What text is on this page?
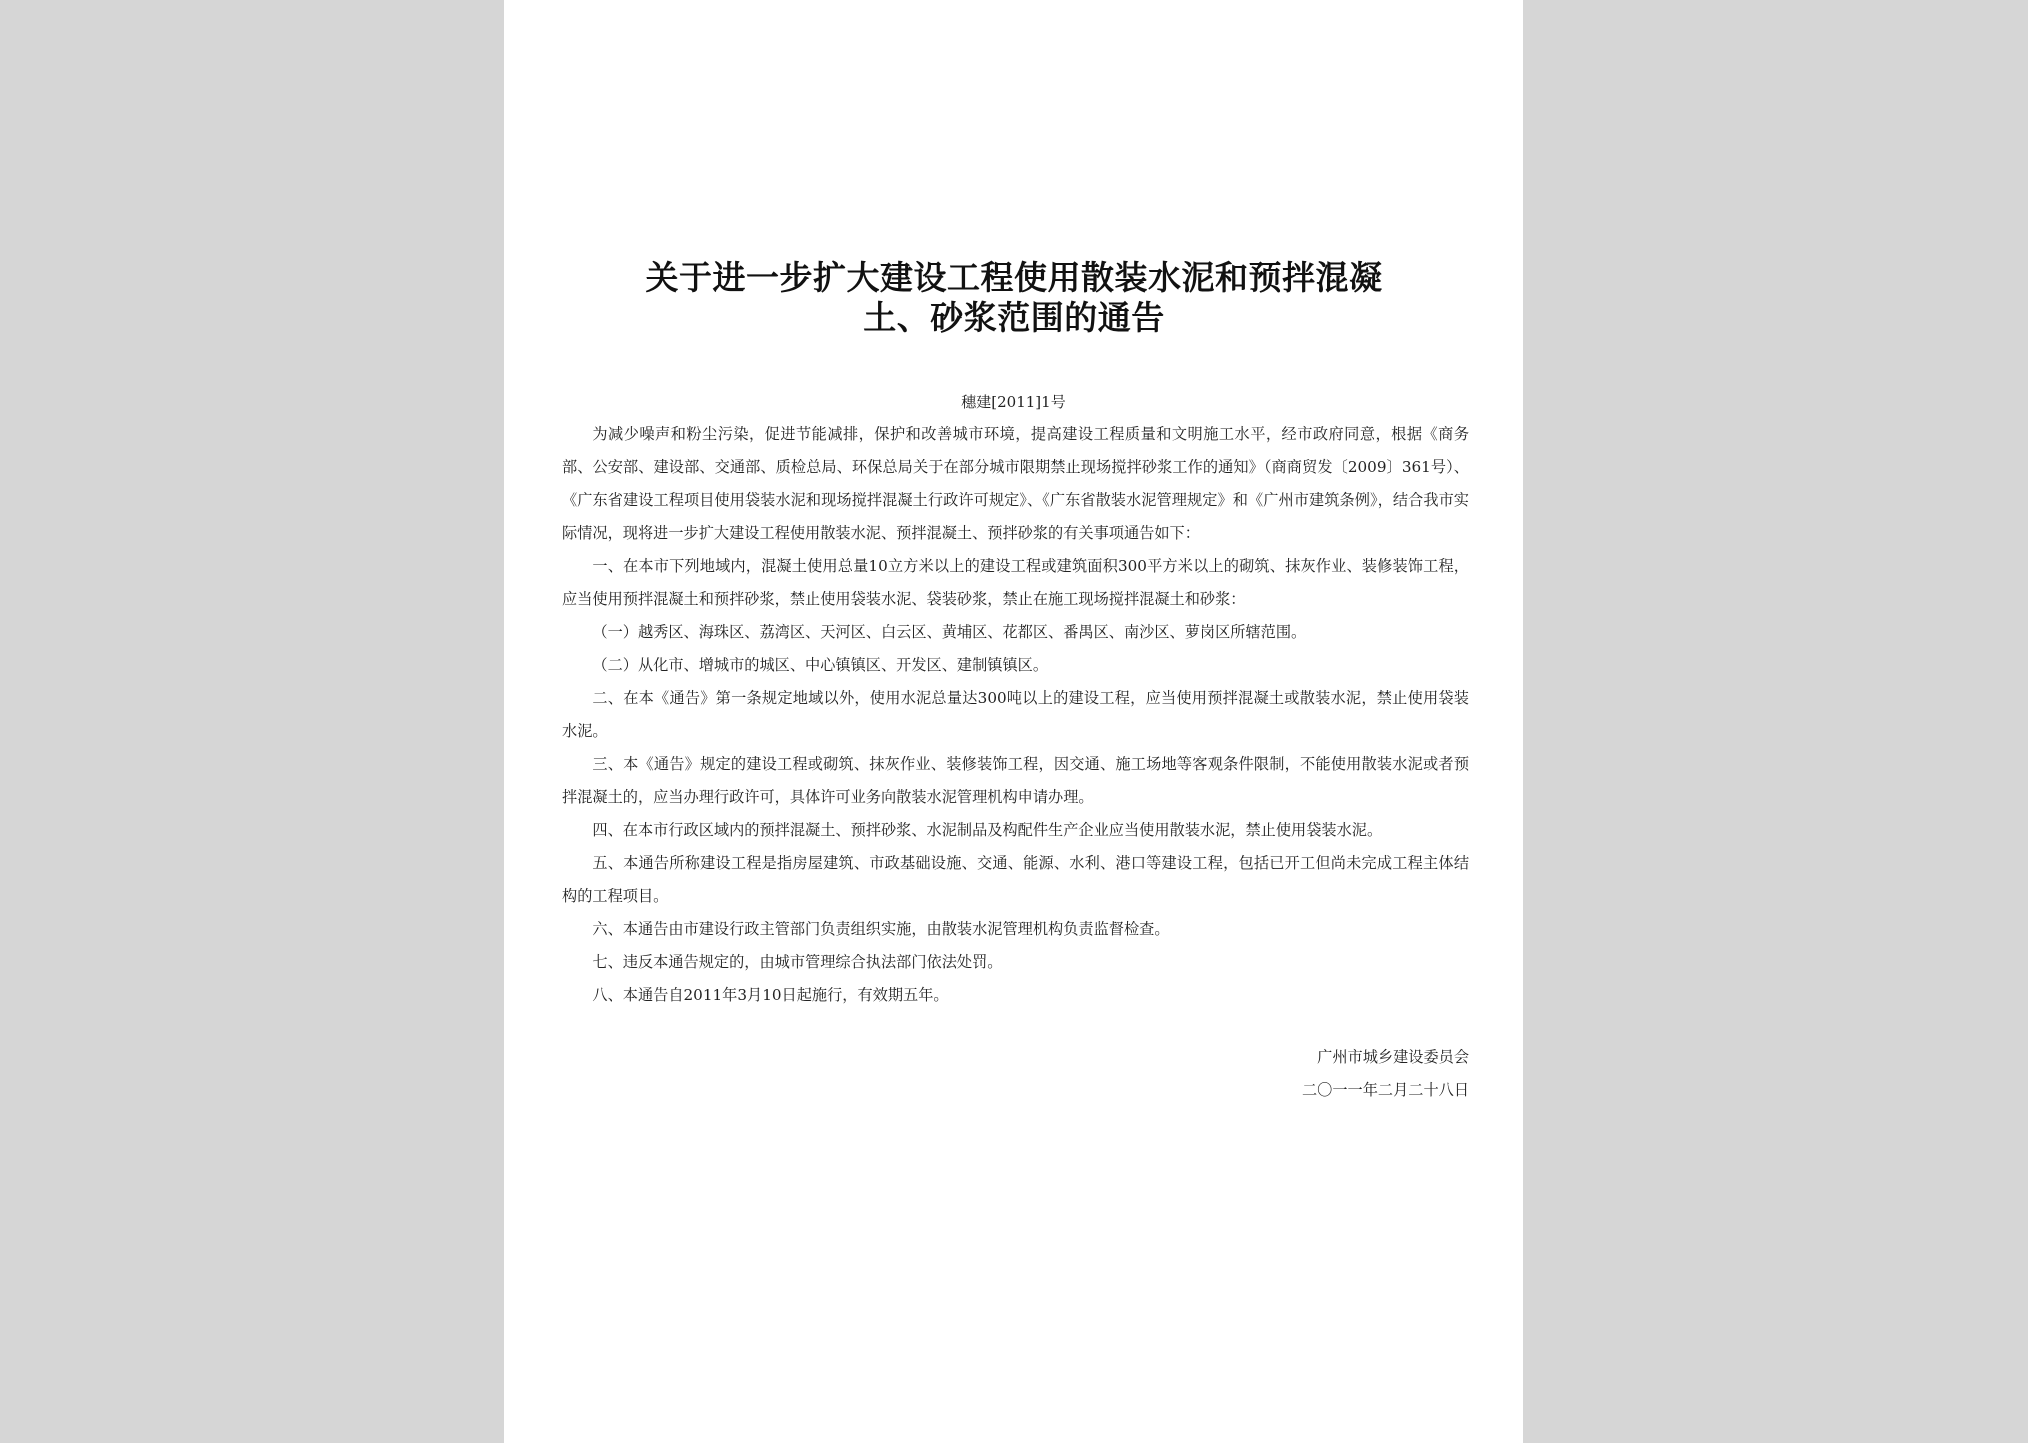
关于进一步扩大建设工程使用散装水泥和预拌混凝
土、砂浆范围的通告
穗建[2011]1号

为减少噪声和粉尘污染，促进节能减排，保护和改善城市环境，提高建设工程质量和文明施工水平，经市政府同意，根据《商务部、公安部、建设部、交通部、质检总局、环保总局关于在部分城市限期禁止现场搅拌砂浆工作的通知》（商商贸发〔2009〕361号）、《广东省建设工程项目使用袋装水泥和现场搅拌混凝土行政许可规定》、《广东省散装水泥管理规定》和《广州市建筑条例》，结合我市实际情况，现将进一步扩大建设工程使用散装水泥、预拌混凝土、预拌砂浆的有关事项通告如下：

一、在本市下列地域内，混凝土使用总量10立方米以上的建设工程或建筑面积300平方米以上的砌筑、抹灰作业、装修装饰工程，应当使用预拌混凝土和预拌砂浆，禁止使用袋装水泥、袋装砂浆，禁止在施工现场搅拌混凝土和砂浆：

（一）越秀区、海珠区、荔湾区、天河区、白云区、黄埔区、花都区、番禺区、南沙区、萝岗区所辖范围。

（二）从化市、增城市的城区、中心镇镇区、开发区、建制镇镇区。

二、在本《通告》第一条规定地域以外，使用水泥总量达300吨以上的建设工程，应当使用预拌混凝土或散装水泥，禁止使用袋装水泥。

三、本《通告》规定的建设工程或砌筑、抹灰作业、装修装饰工程，因交通、施工场地等客观条件限制，不能使用散装水泥或者预拌混凝土的，应当办理行政许可，具体许可业务向散装水泥管理机构申请办理。

四、在本市行政区域内的预拌混凝土、预拌砂浆、水泥制品及构配件生产企业应当使用散装水泥，禁止使用袋装水泥。

五、本通告所称建设工程是指房屋建筑、市政基础设施、交通、能源、水利、港口等建设工程，包括已开工但尚未完成工程主体结构的工程项目。

六、本通告由市建设行政主管部门负责组织实施，由散装水泥管理机构负责监督检查。

七、违反本通告规定的，由城市管理综合执法部门依法处罚。

八、本通告自2011年3月10日起施行，有效期五年。

广州市城乡建设委员会
二〇一一年二月二十八日
